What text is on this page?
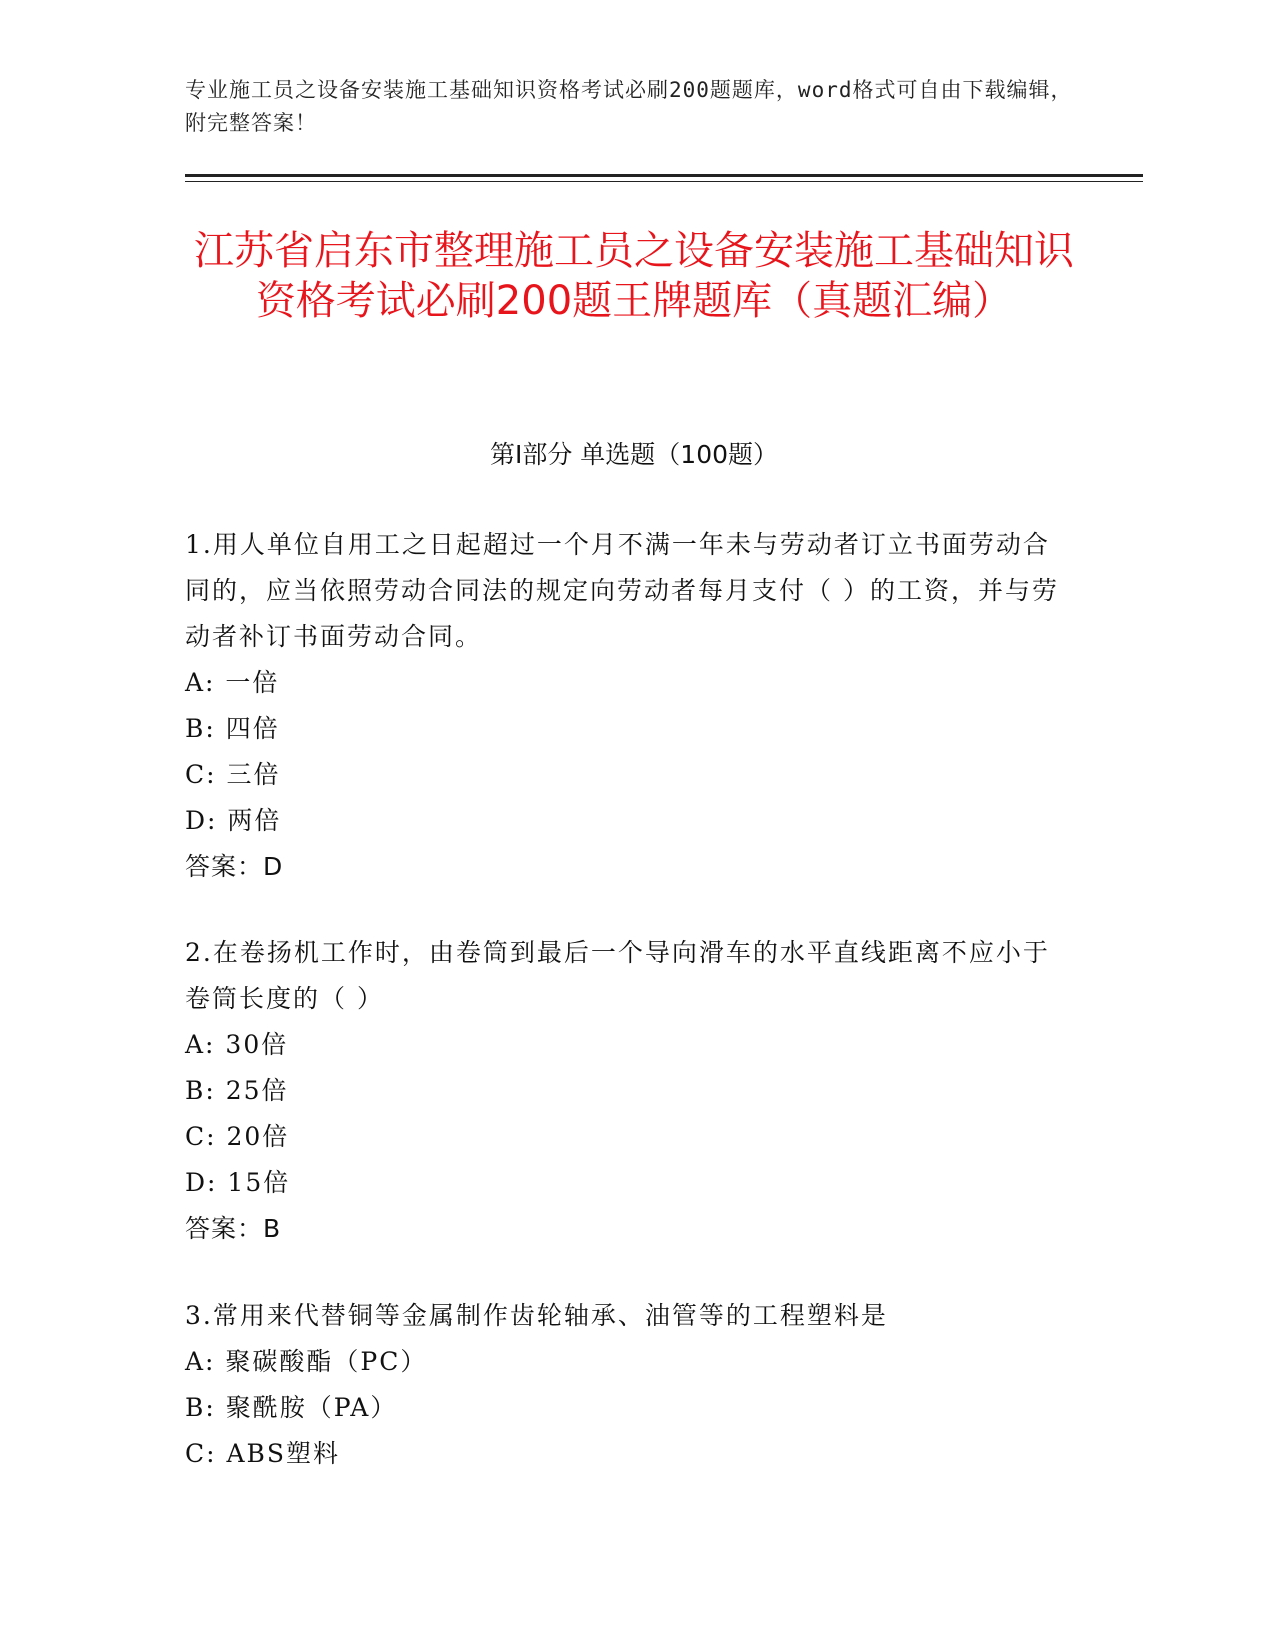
专业施工员之设备安装施工基础知识资格考试必刷200题题库，word格式可自由下载编辑，附完整答案！
江苏省启东市整理施工员之设备安装施工基础知识资格考试必刷200题王牌题库（真题汇编）
第I部分 单选题（100题）
1.用人单位自用工之日起超过一个月不满一年未与劳动者订立书面劳动合同的，应当依照劳动合同法的规定向劳动者每月支付（ ）的工资，并与劳动者补订书面劳动合同。
A: 一倍
B: 四倍
C: 三倍
D: 两倍
答案：D
2.在卷扬机工作时，由卷筒到最后一个导向滑车的水平直线距离不应小于卷筒长度的（ ）
A: 30倍
B: 25倍
C: 20倍
D: 15倍
答案：B
3.常用来代替铜等金属制作齿轮轴承、油管等的工程塑料是
A: 聚碳酸酯（PC）
B: 聚酰胺（PA）
C: ABS塑料
